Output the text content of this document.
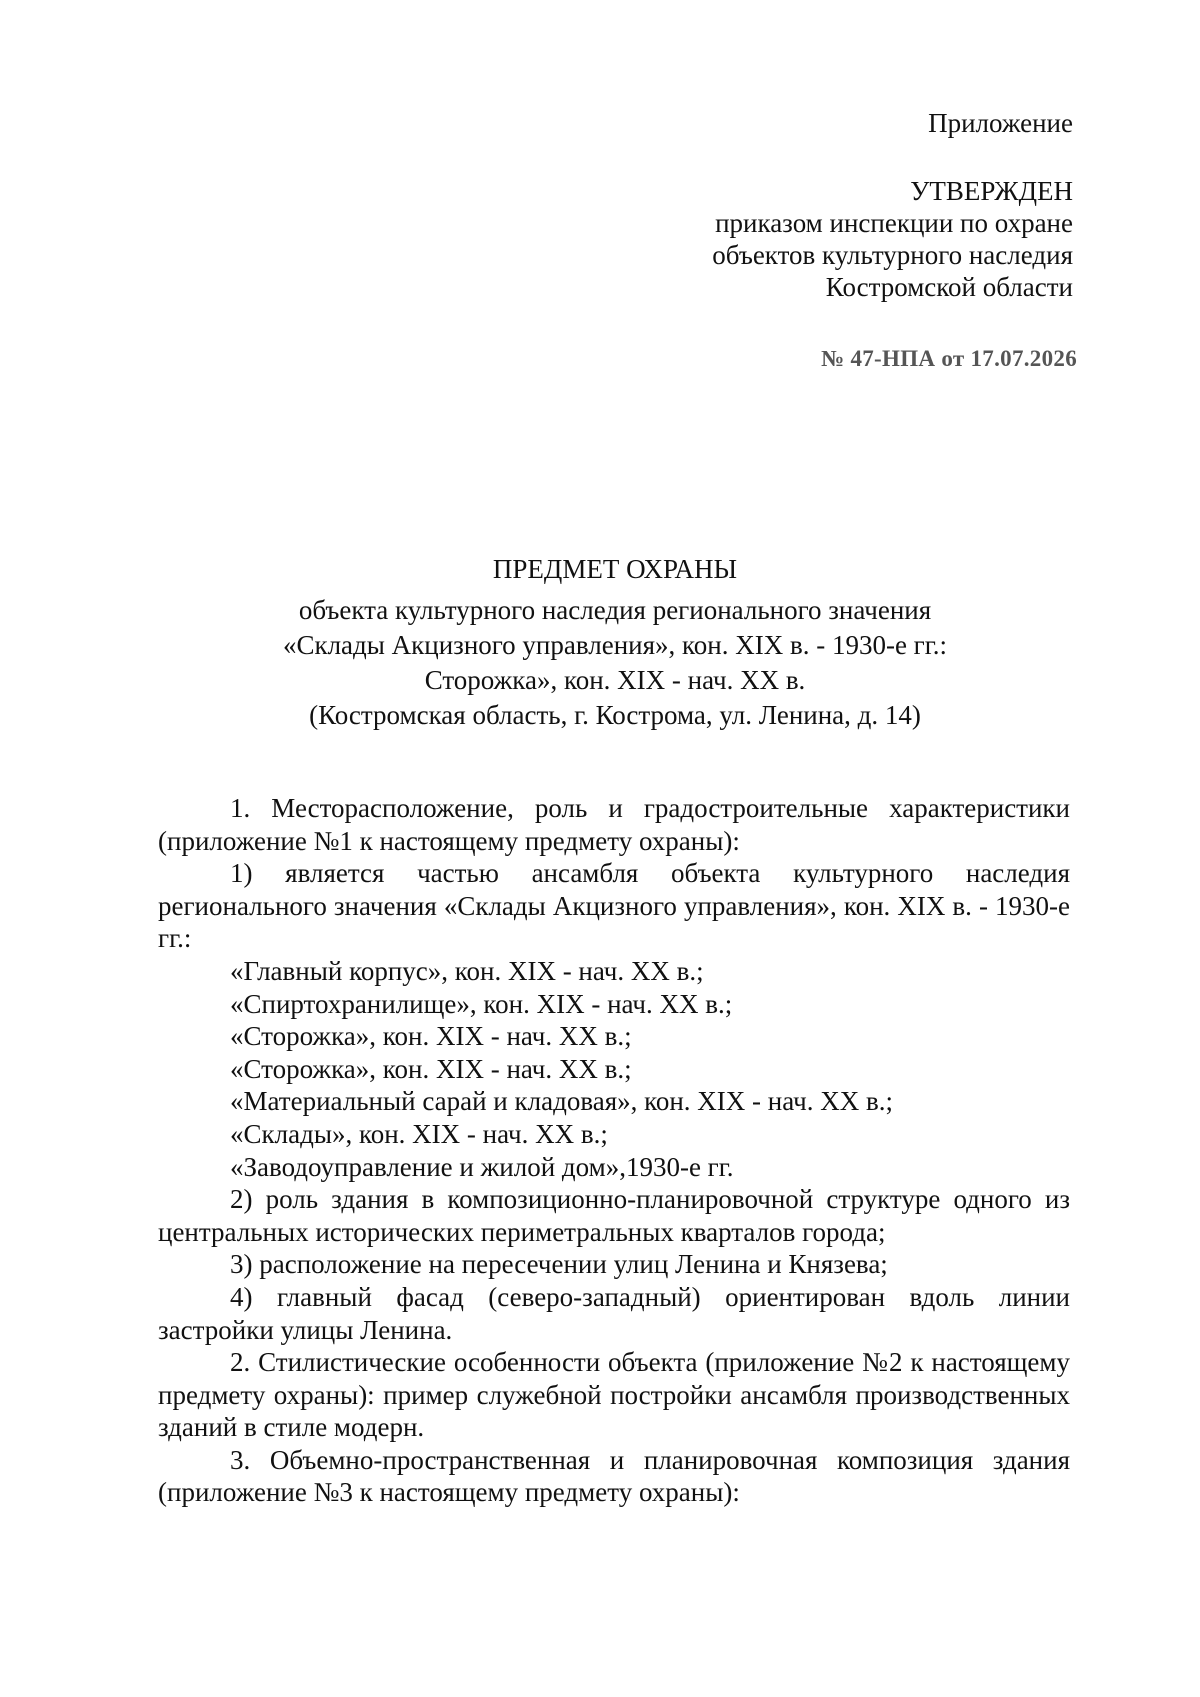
Приложение
УТВЕРЖДЕН
приказом инспекции по охране
объектов культурного наследия
Костромской области
№ 47-НПА от 17.07.2026
ПРЕДМЕТ ОХРАНЫ
объекта культурного наследия регионального значения
«Склады Акцизного управления», кон. XIX в. - 1930-е гг.:
Сторожка», кон. XIX - нач. XX в.
(Костромская область, г. Кострома, ул. Ленина, д. 14)

1. Месторасположение, роль и градостроительные характеристики (приложение №1 к настоящему предмету охраны):

1) является частью ансамбля объекта культурного наследия регионального значения «Склады Акцизного управления», кон. XIX в. - 1930-е гг.:

«Главный корпус», кон. XIX - нач. XX в.;

«Спиртохранилище», кон. XIX - нач. XX в.;

«Сторожка», кон. XIX - нач. XX в.;

«Сторожка», кон. XIX - нач. XX в.;

«Материальный сарай и кладовая», кон. XIX - нач. XX в.;

«Склады», кон. XIX - нач. XX в.;

«Заводоуправление и жилой дом»,1930-е гг.

2) роль здания в композиционно-планировочной структуре одного из центральных исторических периметральных кварталов города;

3) расположение на пересечении улиц Ленина и Князева;

4) главный фасад (северо-западный) ориентирован вдоль линии застройки улицы Ленина.

2. Стилистические особенности объекта (приложение №2 к настоящему предмету охраны): пример служебной постройки ансамбля производственных зданий в стиле модерн.

3. Объемно-пространственная и планировочная композиция здания (приложение №3 к настоящему предмету охраны):
